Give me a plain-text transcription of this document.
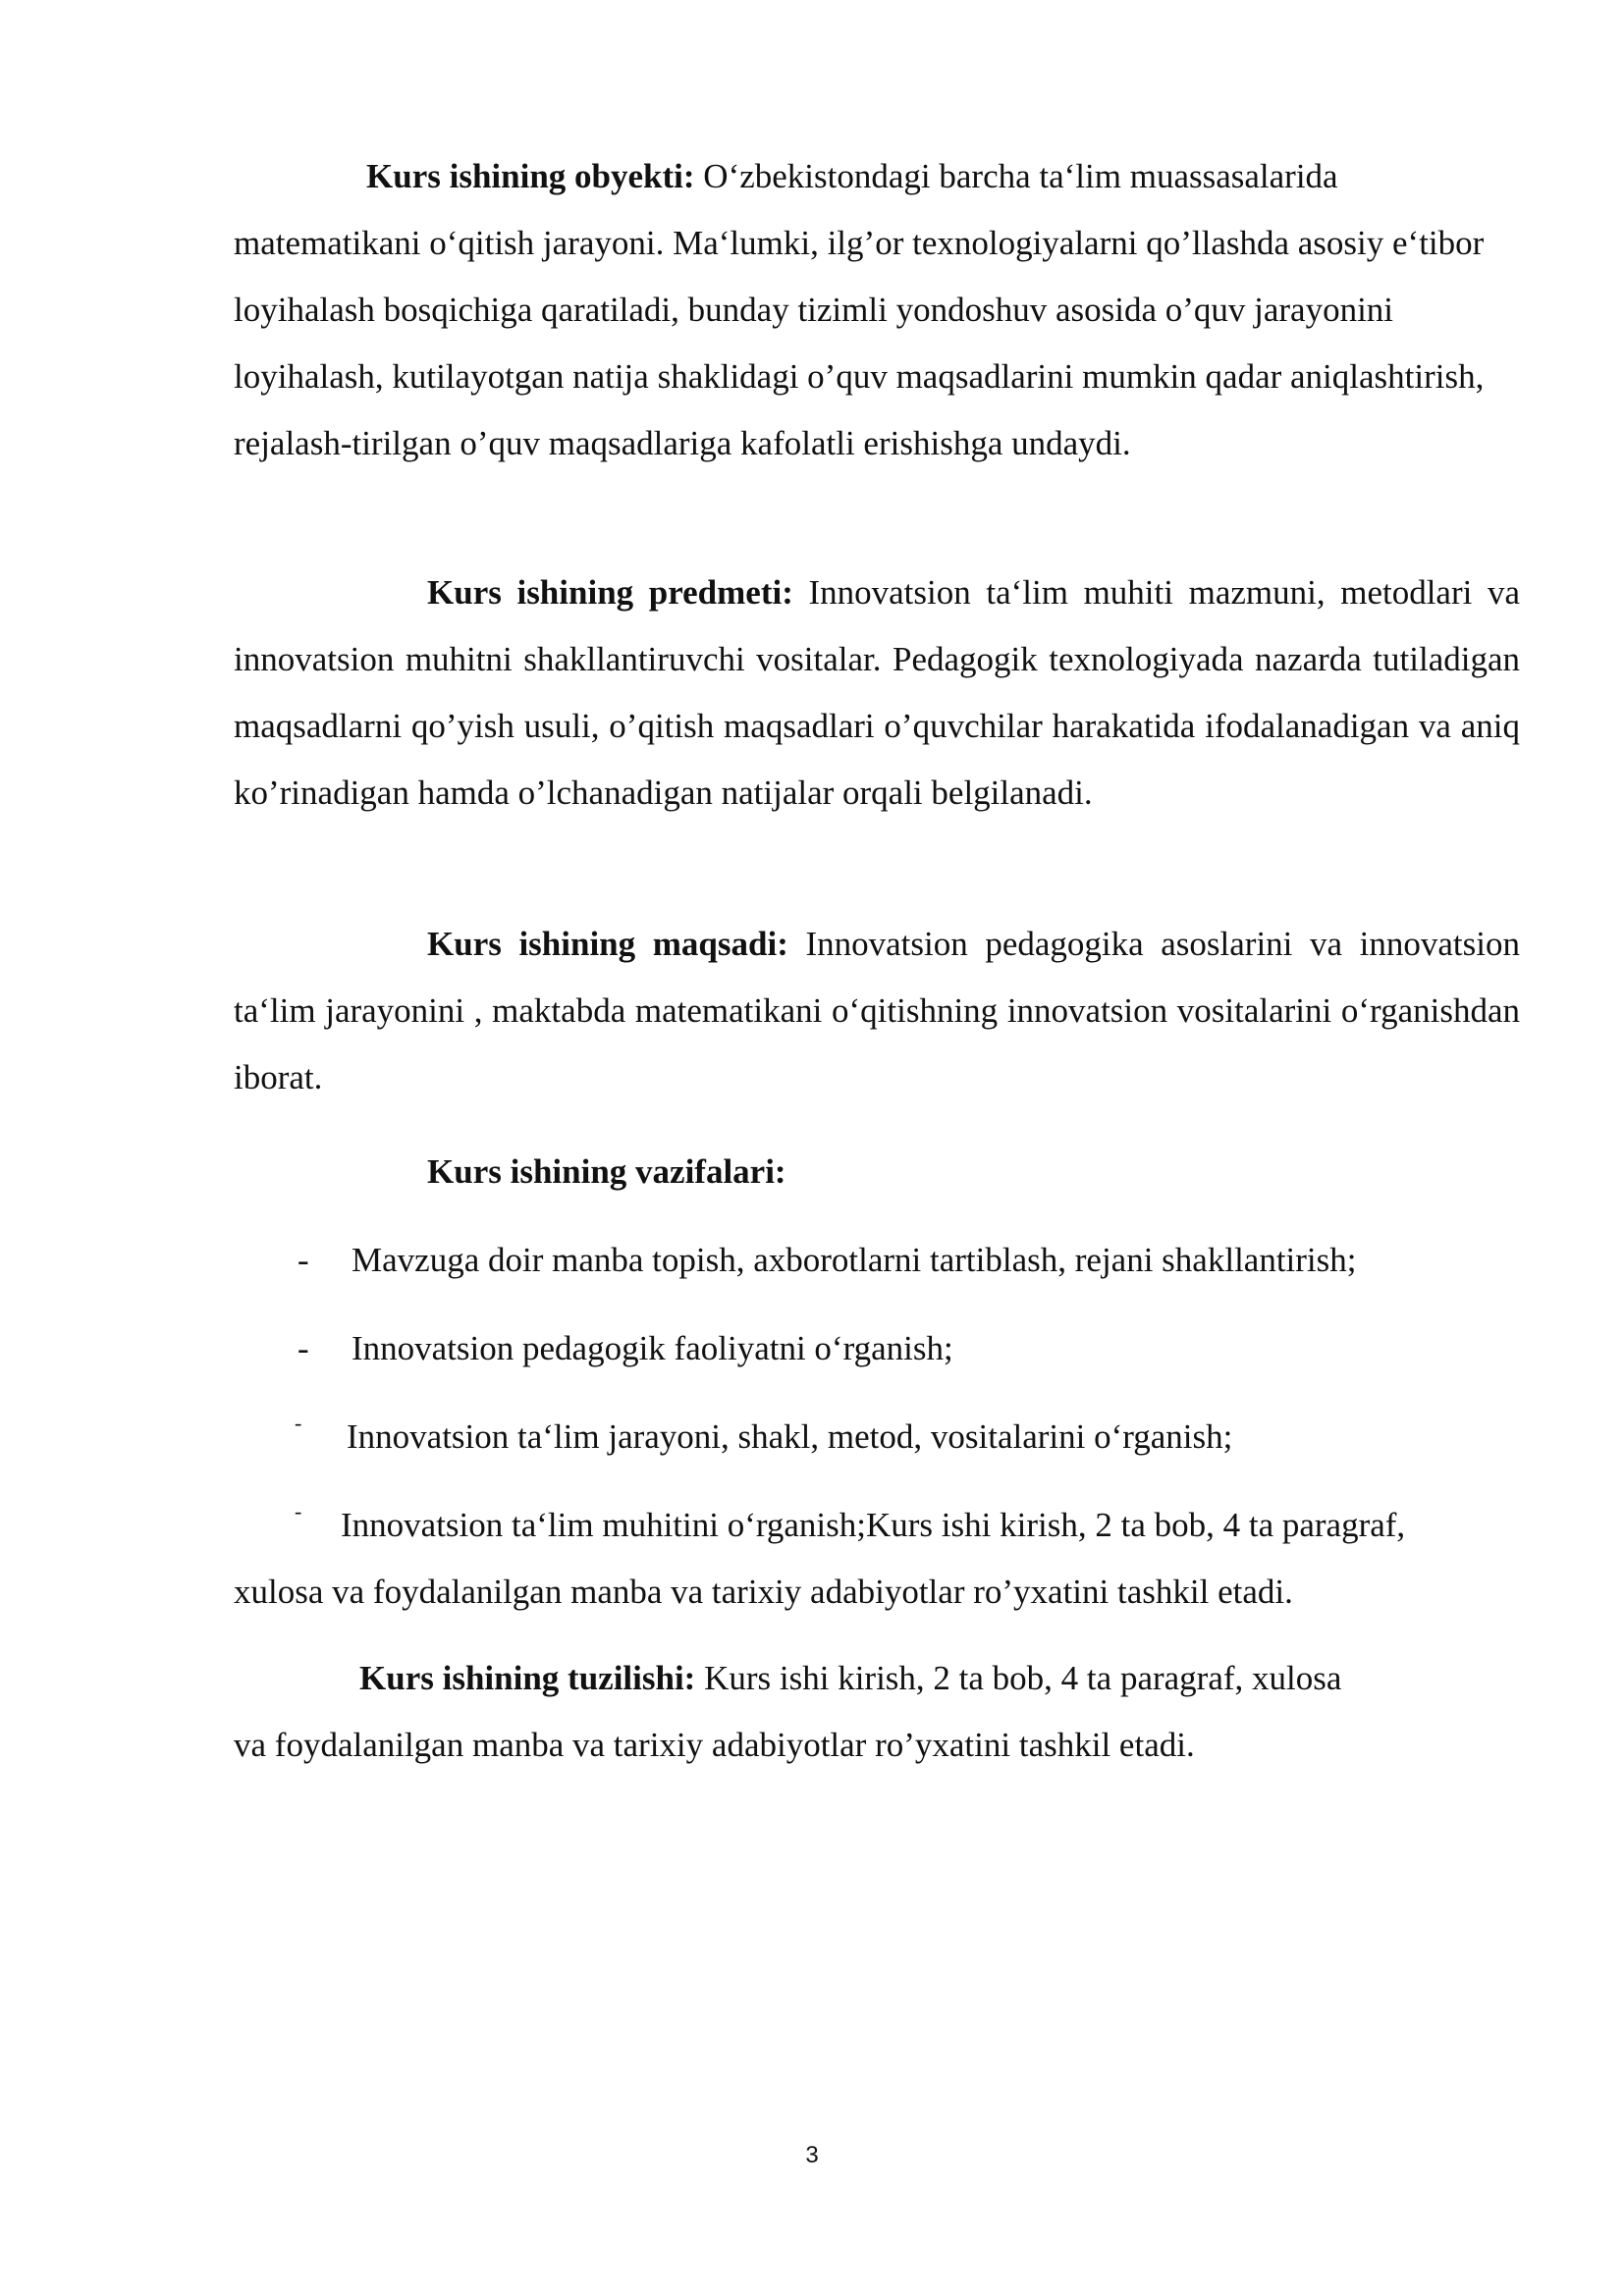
Kurs ishining obyekti: O‘zbekistondagi barcha ta‘lim muassasalarida matematikani o‘qitish jarayoni. Ma‘lumki, ilg’or texnologiyalarni qo’llashda asosiy e‘tibor loyihalash bosqichiga qaratiladi, bunday tizimli yondoshuv asosida o’quv jarayonini loyihalash, kutilayotgan natija shaklidagi o’quv maqsadlarini mumkin qadar aniqlashtirish, rejalash-tirilgan o’quv maqsadlariga kafolatli erishishga undaydi.

Kurs ishining predmeti: Innovatsion ta‘lim muhiti mazmuni, metodlari va innovatsion muhitni shakllantiruvchi vositalar. Pedagogik texnologiyada nazarda tutiladigan maqsadlarni qo’yish usuli, o’qitish maqsadlari o’quvchilar harakatida ifodalanadigan va aniq ko’rinadigan hamda o’lchanadigan natijalar orqali belgilanadi.

Kurs ishining maqsadi: Innovatsion pedagogika asoslarini va innovatsion ta‘lim jarayonini , maktabda matematikani o‘qitishning innovatsion vositalarini o‘rganishdan iborat.

Kurs ishining vazifalari:

- Mavzuga doir manba topish, axborotlarni tartiblash, rejani shakllantirish;
- Innovatsion pedagogik faoliyatni o‘rganish;
- Innovatsion ta‘lim jarayoni, shakl, metod, vositalarini o‘rganish;
- Innovatsion ta‘lim muhitini o‘rganish;Kurs ishi kirish, 2 ta bob, 4 ta paragraf,

xulosa va foydalanilgan manba va tarixiy adabiyotlar ro’yxatini tashkil etadi.

Kurs ishining tuzilishi: Kurs ishi kirish, 2 ta bob, 4 ta paragraf, xulosa

va foydalanilgan manba va tarixiy adabiyotlar ro’yxatini tashkil etadi.

3
